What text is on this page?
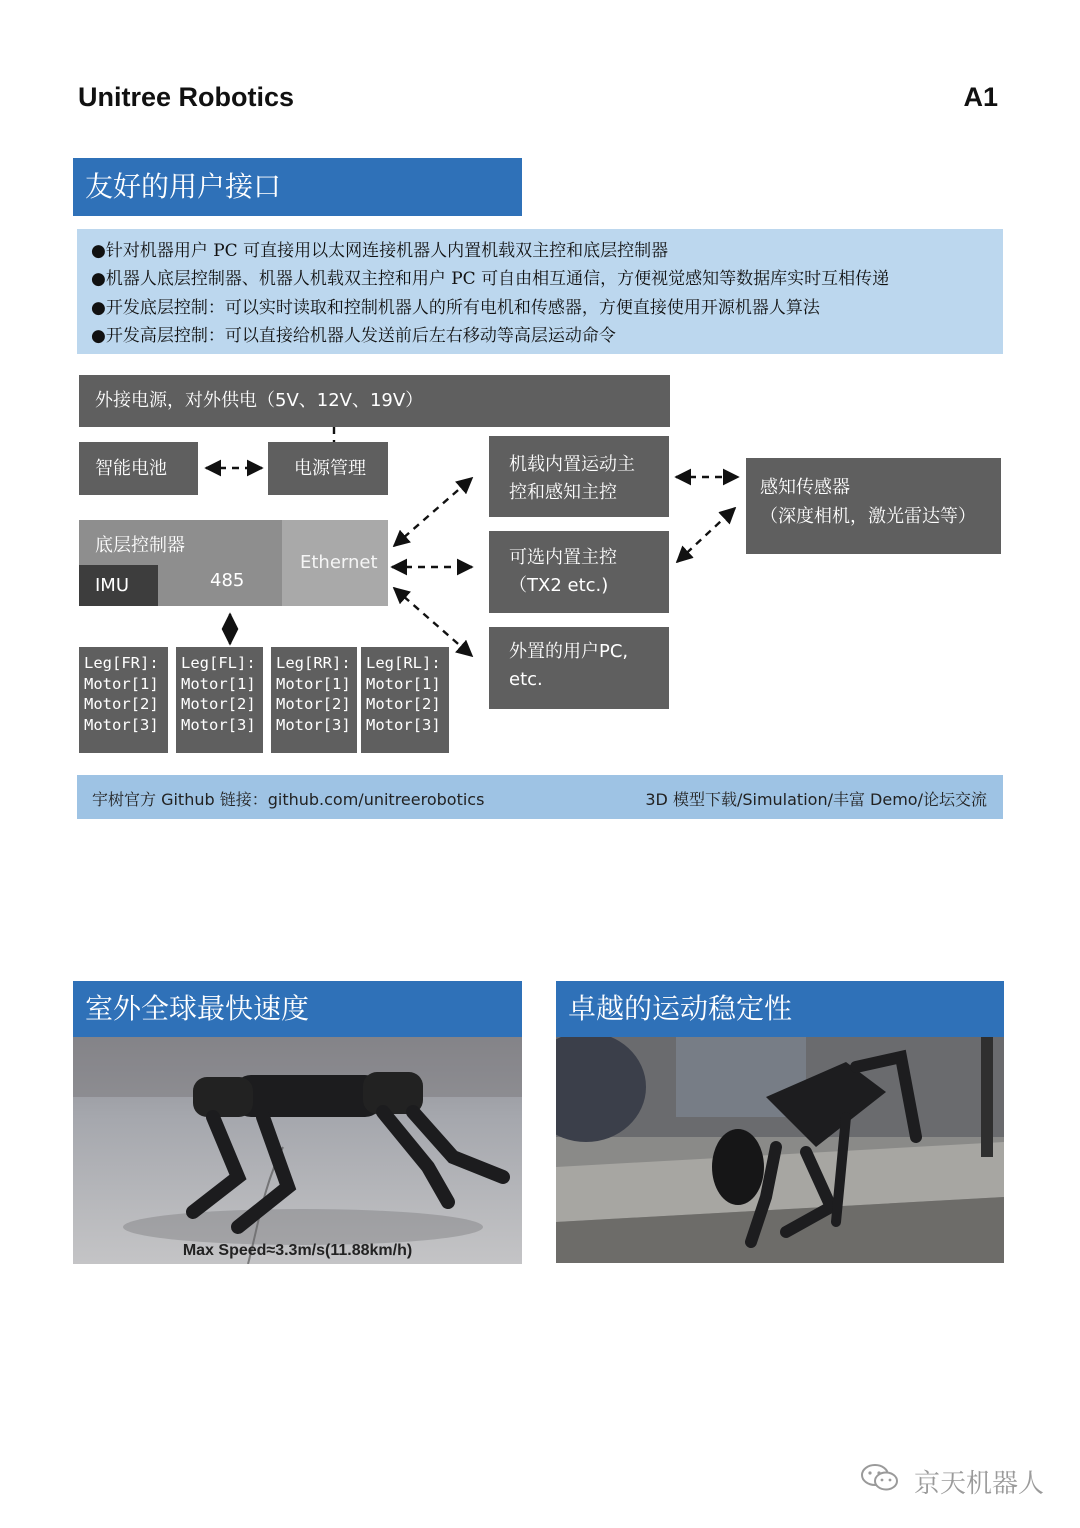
Unitree Robotics	A1
友好的用户接口
●针对机器用户 PC 可直接用以太网连接机器人内置机载双主控和底层控制器
●机器人底层控制器、机器人机载双主控和用户 PC 可自由相互通信，方便视觉感知等数据库实时互相传递
●开发底层控制：可以实时读取和控制机器人的所有电机和传感器，方便直接使用开源机器人算法
●开发高层控制：可以直接给机器人发送前后左右移动等高层运动命令
外接电源，对外供电（5V、12V、19V）
智能电池	电源管理
底层控制器
IMU	485
Ethernet
机载内置运动主
控和感知主控
可选内置主控
（TX2 etc.)
外置的用户PC,
etc.
感知传感器
（深度相机，激光雷达等）
Leg[FR]:
Motor[1]
Motor[2]
Motor[3]
Leg[FL]:
Motor[1]
Motor[2]
Motor[3]
Leg[RR]:
Motor[1]
Motor[2]
Motor[3]
Leg[RL]:
Motor[1]
Motor[2]
Motor[3]
宇树官方 Github 链接：github.com/unitreerobotics	3D 模型下载/Simulation/丰富 Demo/论坛交流
室外全球最快速度
Max Speed≈3.3m/s(11.88km/h)
卓越的运动稳定性
京天机器人
